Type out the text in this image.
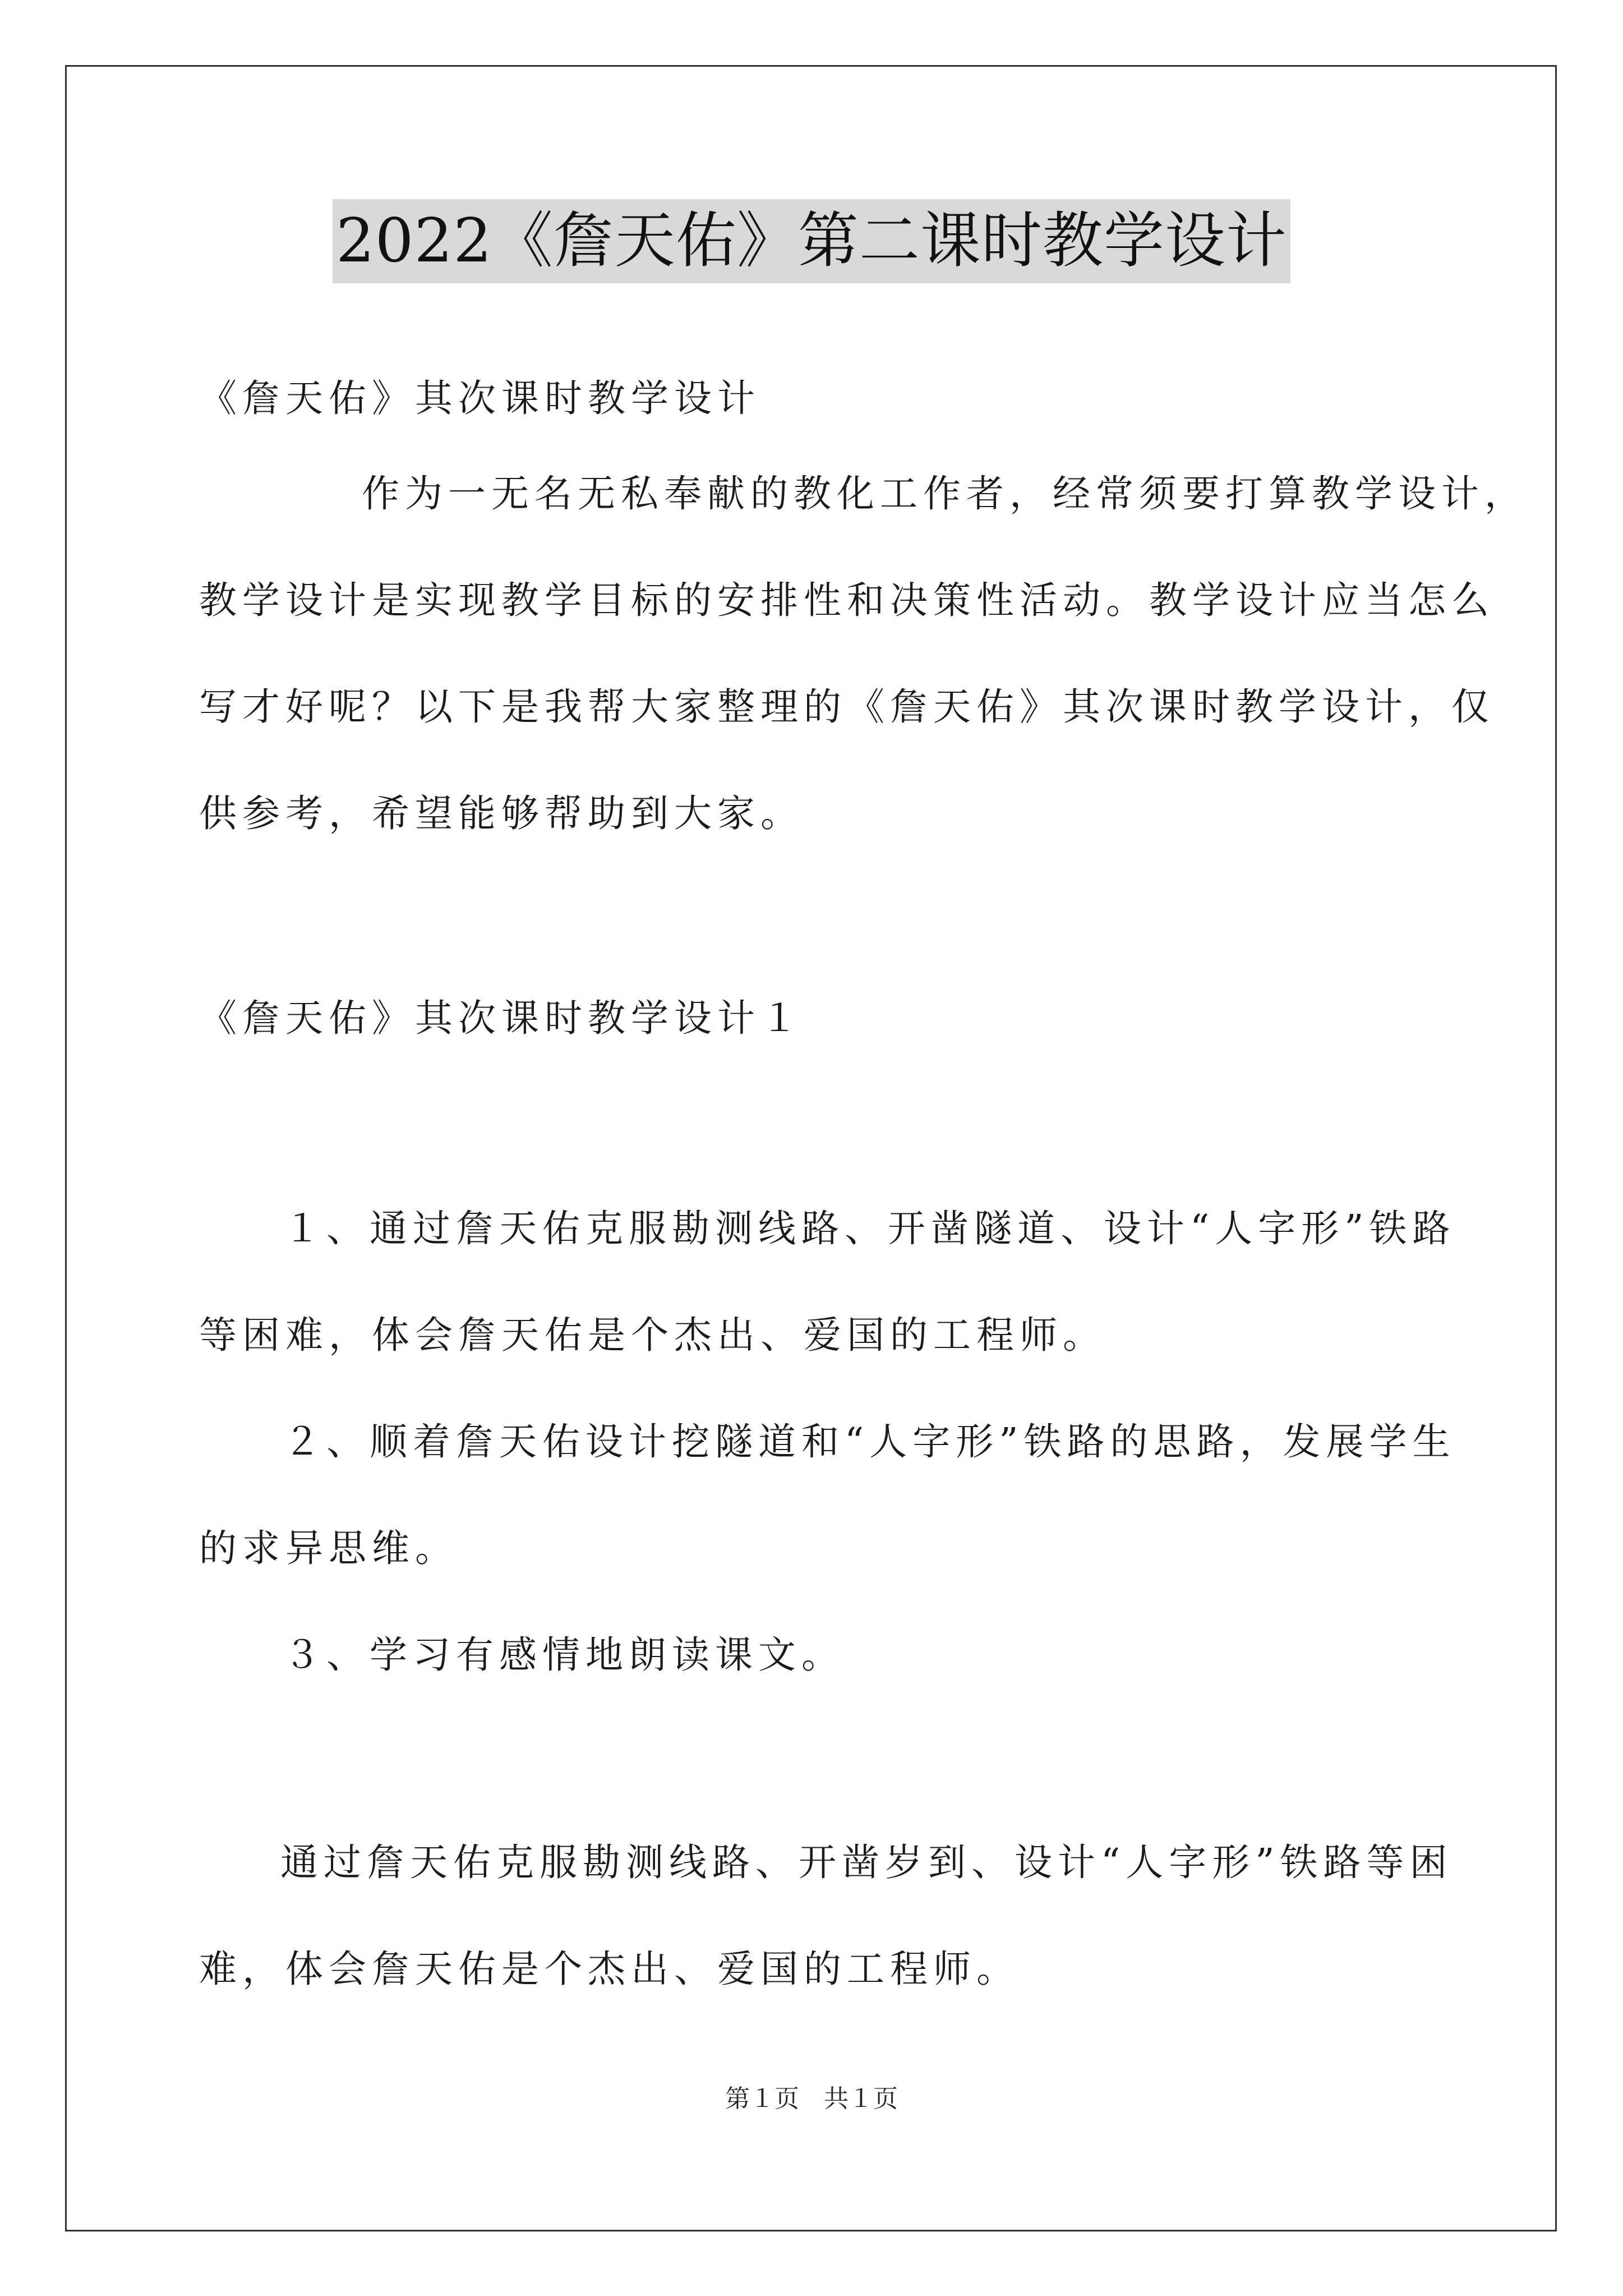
2022《詹天佑》第二课时教学设计

《詹天佑》其次课时教学设计

作为一无名无私奉献的教化工作者，经常须要打算教学设计，

教学设计是实现教学目标的安排性和决策性活动。教学设计应当怎么

写才好呢？以下是我帮大家整理的《詹天佑》其次课时教学设计，仅

供参考，希望能够帮助到大家。

《詹天佑》其次课时教学设计１

１、通过詹天佑克服勘测线路、开凿隧道、设计“人字形”铁路

等困难，体会詹天佑是个杰出、爱国的工程师。

２、顺着詹天佑设计挖隧道和“人字形”铁路的思路，发展学生

的求异思维。

３、学习有感情地朗读课文。

通过詹天佑克服勘测线路、开凿岁到、设计“人字形”铁路等困

难，体会詹天佑是个杰出、爱国的工程师。

第１页　共１页
